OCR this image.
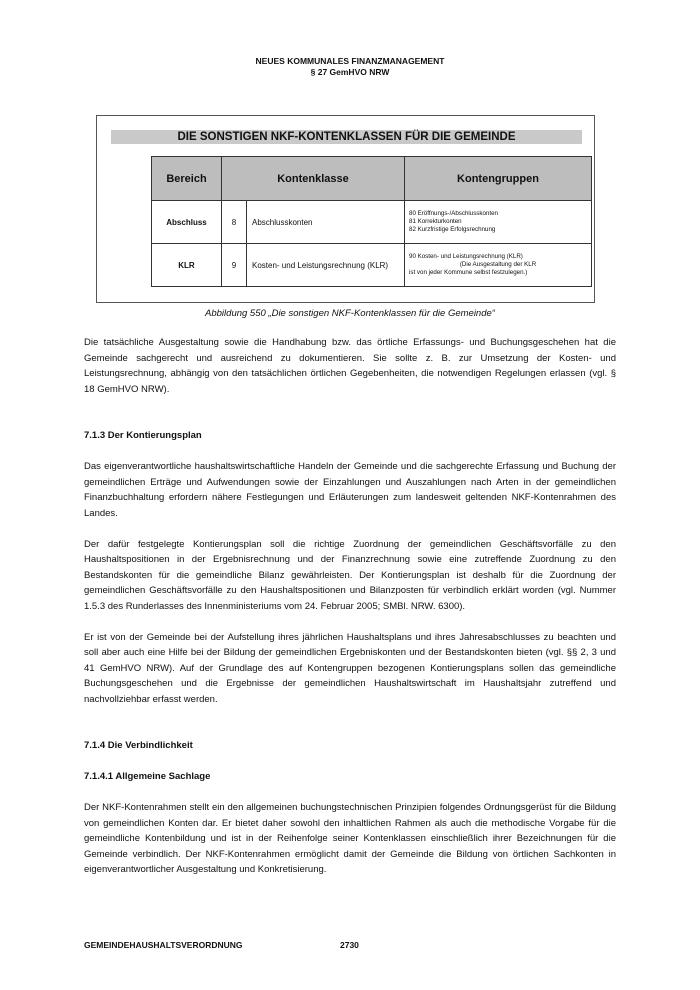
NEUES KOMMUNALES FINANZMANAGEMENT
§ 27 GemHVO NRW
DIE SONSTIGEN NKF-KONTENKLASSEN FÜR DIE GEMEINDE
Bereich	Kontenklasse		Kontengruppen
Abschluss	8	Abschlusskonten	80 Eröffnungs-/Abschlusskonten
81 Korrekturkonten
82 Kurzfristige Erfolgsrechnung

KLR	9	Kosten- und Leistungsrechnung (KLR)	90 Kosten- und Leistungsrechnung (KLR)
(Die Ausgestaltung der KLR
ist von jeder Kommune selbst festzulegen.)
Abbildung 550 „Die sonstigen NKF-Kontenklassen für die Gemeinde“

Die tatsächliche Ausgestaltung sowie die Handhabung bzw. das örtliche Erfassungs- und Buchungsgeschehen hat die Gemeinde sachgerecht und ausreichend zu dokumentieren. Sie sollte z. B. zur Umsetzung der Kosten- und Leistungsrechnung, abhängig von den tatsächlichen örtlichen Gegebenheiten, die notwendigen Regelungen erlassen (vgl. § 18 GemHVO NRW).

7.1.3 Der Kontierungsplan

Das eigenverantwortliche haushaltswirtschaftliche Handeln der Gemeinde und die sachgerechte Erfassung und Buchung der gemeindlichen Erträge und Aufwendungen sowie der Einzahlungen und Auszahlungen nach Arten in der gemeindlichen Finanzbuchhaltung erfordern nähere Festlegungen und Erläuterungen zum landesweit geltenden NKF-Kontenrahmen des Landes.

Der dafür festgelegte Kontierungsplan soll die richtige Zuordnung der gemeindlichen Geschäftsvorfälle zu den Haushaltspositionen in der Ergebnisrechnung und der Finanzrechnung sowie eine zutreffende Zuordnung zu den Bestandskonten für die gemeindliche Bilanz gewährleisten. Der Kontierungsplan ist deshalb für die Zuordnung der gemeindlichen Geschäftsvorfälle zu den Haushaltspositionen und Bilanzposten für verbindlich erklärt worden (vgl. Nummer 1.5.3 des Runderlasses des Innenministeriums vom 24. Februar 2005; SMBl. NRW. 6300).

Er ist von der Gemeinde bei der Aufstellung ihres jährlichen Haushaltsplans und ihres Jahresabschlusses zu beachten und soll aber auch eine Hilfe bei der Bildung der gemeindlichen Ergebniskonten und der Bestandskonten bieten (vgl. §§ 2, 3 und 41 GemHVO NRW). Auf der Grundlage des auf Kontengruppen bezogenen Kontierungsplans sollen das gemeindliche Buchungsgeschehen und die Ergebnisse der gemeindlichen Haushaltswirtschaft im Haushaltsjahr zutreffend und nachvollziehbar erfasst werden.

7.1.4 Die Verbindlichkeit
7.1.4.1 Allgemeine Sachlage

Der NKF-Kontenrahmen stellt ein den allgemeinen buchungstechnischen Prinzipien folgendes Ordnungsgerüst für die Bildung von gemeindlichen Konten dar. Er bietet daher sowohl den inhaltlichen Rahmen als auch die methodische Vorgabe für die gemeindliche Kontenbildung und ist in der Reihenfolge seiner Kontenklassen einschließlich ihrer Bezeichnungen für die Gemeinde verbindlich. Der NKF-Kontenrahmen ermöglicht damit der Gemeinde die Bildung von örtlichen Sachkonten in eigenverantwortlicher Ausgestaltung und Konkretisierung.

GEMEINDEHAUSHALTSVERORDNUNG	2730
